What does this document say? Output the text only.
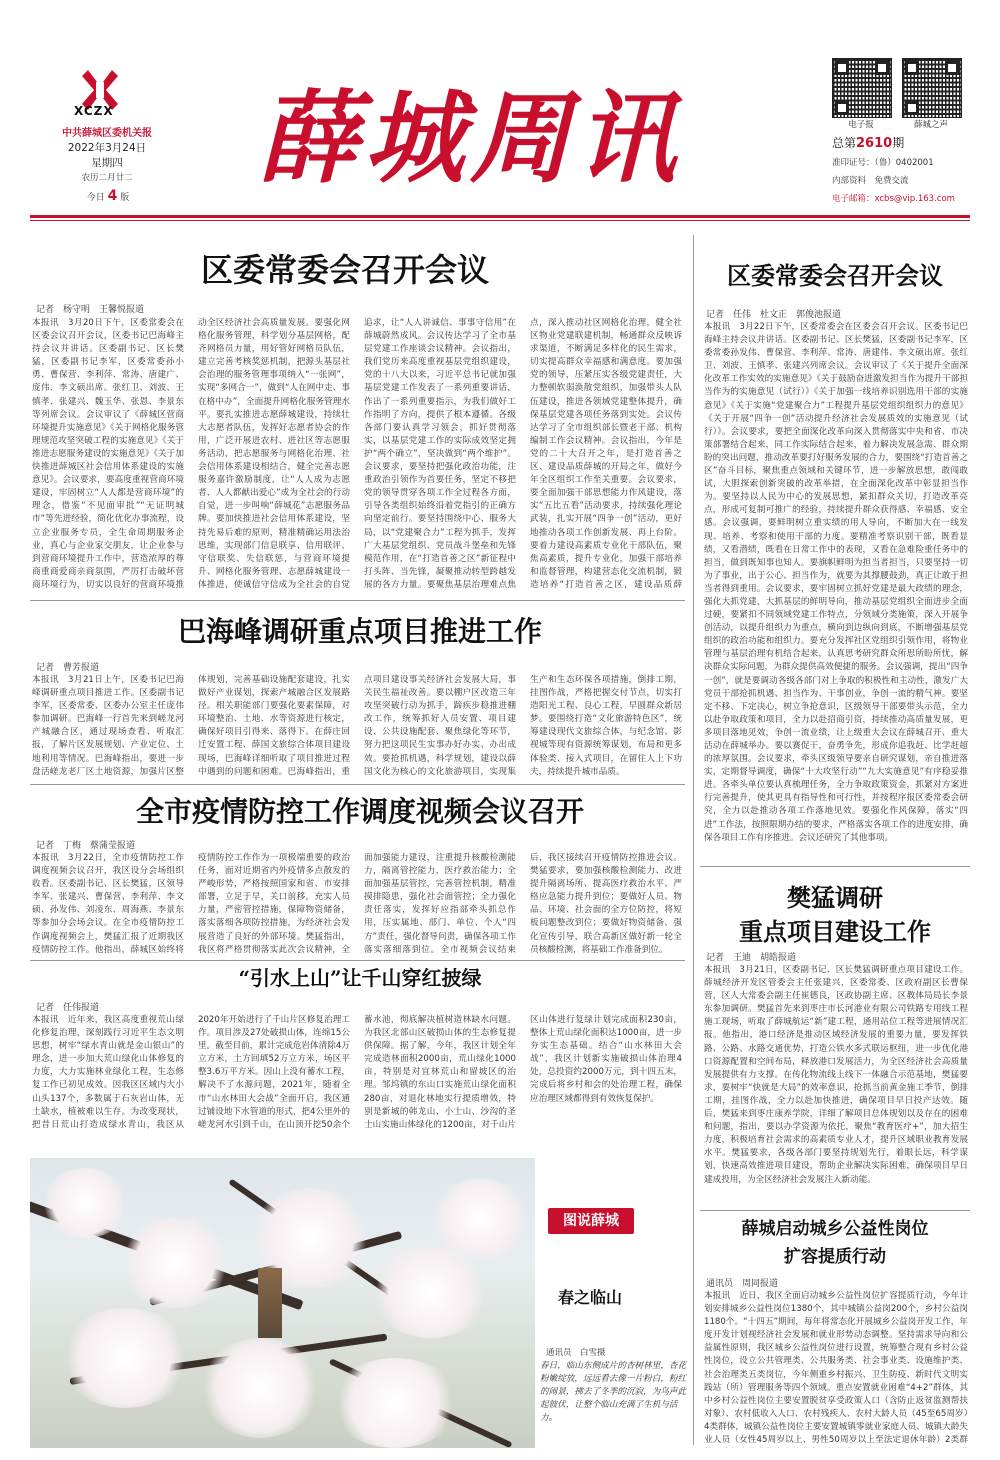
XCZX
中共薛城区委机关报
2022年3月24日
星期四
农历二月廿二
今日 4 版
薛城周讯	电子报	薛城之声
总第2610期
准印证号：（鲁）0402001
内部资料　免费交流
电子邮箱：xcbs@vip.163.com
区委常委会召开会议
记者　杨守明　王馨悦报道
本报讯　3月20日下午，区委常委会在区委会议召开会议，区委书记巴海峰主持会议并讲话。区委副书记、区长樊猛，区委副书记李军，区委常委孙小勇、曹保营、李利萍、常涛、唐建广、庞伟、李文硕出席。张红卫、刘波、王慎孝、张建兴、魏玉华、张恩、李景东等列席会议。会议审议了《薛城区营商环境提升实施意见》《关于网格化服务管理规范攻坚突破工程的实施意见》《关于推进志愿服务建设的实施意见》《关于加快推进薛城区社会信用体系建设的实施意见》。会议要求，要高度重视营商环境建设，牢固树立“人人都是营商环境”的理念，借鉴“不见面审批”“无证明城市”等先进经验，简化优化办事流程，设立企业服务专员，全生命周期服务企业，真心与企业家交朋友，让企业参与到营商环境提升工作中，营造浓厚的尊商重商爱商亲商氛围，严厉打击破坏营商环境行为，切实以良好的营商环境推动全区经济社会高质量发展。要强化网格化服务管理，科学划分基层网格，配齐网格员力量，用好管好网格员队伍，建立完善考核奖惩机制，把源头基层社会治理的服务管理事项纳入“一张网”，实现“多网合一”，做到“人在网中走、事在格中办”，全面提升网格化服务管理水平。要扎实推进志愿薛城建设，持续壮大志愿者队伍，发挥好志愿者协会的作用，广泛开展进农村、进社区等志愿服务活动，把志愿服务与网格化治理、社会信用体系建设相结合，健全完善志愿服务嘉许激励制度，让“人人成为志愿者、人人都献出爱心”成为全社会的行动自觉，进一步叫响“薛城花”志愿服务品牌。要加快推进社会信用体系建设，坚持先易后难的原则，精准精确运用法治思维，实现部门信息联享、信用联评、守信联奖、失信联惩，与营商环境提升、网格化服务管理、志愿薛城建设一体推进，使诚信守信成为全社会的自觉追求，让“人人讲诚信、事事守信用”在薛城蔚然成风。会议传达学习了全市基层党建工作座谈会议精神。会议指出，我们党历来高度重视基层党组织建设，党的十八大以来，习近平总书记就加强基层党建工作发表了一系列重要讲话，作出了一系列重要指示，为我们做好工作指明了方向，提供了根本遵循。各级各部门要认真学习领会，抓好贯彻落实，以基层党建工作的实际成效坚定拥护“两个确立”，坚决做到“两个维护”。会议要求，要坚持把强化政治功能，注重政治引领作为首要任务，坚定不移把党的领导贯穿各项工作全过程各方面，引导各类组织始终沿着党指引的正确方向坚定前行。要坚持围绕中心、服务大局，以“党建聚合力”工程为抓手，发挥广大基层党组织、党员战斗堡垒和先锋模范作用，在“打造首善之区”新征程中打头阵、当先锋，凝聚推动转型跨越发展的各方力量。要聚焦基层治理难点焦点，深入推动社区网格化治理，健全社区物业党建联建机制，畅通群众反映诉求渠道，不断满足多样化的民生需求，切实提高群众幸福感和满意度。要加强党的领导，压紧压实各级党建责任，大力整顿软弱涣散党组织，加强带头人队伍建设，推进各领域党建整体提升，确保基层党建各项任务落到实处。会议传达学习了全市组织部长暨老干部、机构编制工作会议精神。会议指出，今年是党的二十大召开之年，是打造首善之区、建设品质薛城的开局之年，做好今年全区组织工作至关重要。会议要求，要全面加强干部思想能力作风建设，落实“五比五看”活动要求，持续强化理论武装，扎实开展“四争一创”活动，更好地推动各项工作创新发展、再上台阶。要着力建设高素质专业化干部队伍，聚焦高素质，提升专业化，加强干部培养和监督管理，构建营态化交流机制，锻造培养“打造首善之区，建设品质薛
巴海峰调研重点项目推进工作
记者　曹芳报道
本报讯　3月21日上午，区委书记巴海峰调研重点项目推进工作。区委副书记李军，区委常委、区委办公室主任庞伟参加调研。巴海峰一行首先来到嵯龙河产城融合区，通过现场查看、听取汇报，了解片区发展规划、产业定位、土地利用等情况。巴海峰指出，要进一步盘活嵯龙老厂区土地资源，加强片区整体规划，完善基础设施配套建设，扎实做好产业谋划，探索产城融合区发展路径。相关职能部门要强化要素保障，对环境整治、土地、水等资源进行核定，确保好项目引得来、落得下。在薛庄回迁安置工程、薛国文旅综合体项目建设现场，巴海峰详细听取了项目推进过程中遇到的问题和困难。巴海峰指出，重点项目建设事关经济社会发展大局，事关民生福祉改善。要以棚户区改造三年攻坚突破行动为抓手，蹄疾步稳推进棚改工作，统筹抓好人员安置、项目建设、公共设施配套、聚焦绿化等环节，努力把这项民生实事办好办实、办出成效。要抢抓机遇，科学规划，建设以薛国文化为核心的文化旅游项目，实现集生产和生态环保各项措施，倒排工期，挂图作战，严格把握交付节点，切实打造阳光工程、良心工程，早圆群众新居梦。要围绕打造“文化旅游特色区”，统筹建设现代文旅综合体，与纪念馆、影视城等现有资源统筹谋划，布局和更多体验类、接入式项目，在留住人上下功夫，持续提升城市品质。
全市疫情防控工作调度视频会议召开
记者　丁梅　蔡蒲莹报道
本报讯　3月22日，全市疫情防控工作调度视频会议召开，我区设分会场组织收看。区委副书记、区长樊猛，区领导李军、张建兴、曹保营、李利萍、李文硕、孙发伟、刘凌东、周海燕、李景东等参加分会场会议。在全市疫情防控工作调度视频会上，樊猛汇报了近期我区疫情防控工作。他指出，薛城区始终将疫情防控工作作为一项极端重要的政治任务，面对近期省内外疫情多点散发的严峻形势，严格按照国家和省、市安排部署，立足于早，关口前移，充实人员力量，严密管控措施，保障物资储备，落实落细各项防控措施，为经济社会发展营造了良好的外部环境。樊猛指出，我区将严格贯彻落实此次会议精神，全面加强能力建设，注重提升核酸检测能力，隔离管控能力，医疗救治能力；全面加强基层管控，完善管控机制，精准摸排隐患，强化社会面管控；全力强化责任落实，发挥好应指部牵头抓总作用，压实属地、部门、单位、个人“四方”责任，强化督导问责，确保各项工作落实落细落到位。全市视频会议结束后，我区接续召开疫情防控推进会议。樊猛要求，要加强核酸检测能力、改进提升隔离场所、提高医疗救治水平、严格应急能力提升到位；要做好人员、物品、环境、社会面的全方位防控，将短板问题整改到位；要做好物资储备、强化宣传引导，联合高新区做好新一轮全员核酸检测，将基础工作准备到位。
“引水上山”让千山穿红披绿
记者　任伟报道
本报讯　近年来，我区高度重视荒山绿化修复治理，深刻践行习近平生态文明思想，树牢“绿水青山就是金山银山”的理念，进一步加大荒山绿化山体修复的力度，大力实施林业绿化工程，生态修复工作已初见成效。因我区区域内大小山头137个，多数属于石灰岩山体，无土缺水，植被难以生存。为改变现状，把昔日荒山打造成绿水青山，我区从2020年开始进行了千山片区修复治理工作。项目涉及27处破损山体，连绵15公里。截至目前，累计完成危岩体清除4万立方米，土方回填52万立方米，场区平整3.6万平方米。因山上没有蓄水工程，解决不了水源问题，2021年，随着全市“山水林田大会战”全面开启，我区通过铺设地下水管道的形式，把4公里外的嵯龙河水引到千山，在山顶开挖50余个蓄水池，彻底解决植树造林缺水问题。为我区北部山区破损山体的生态修复提供保障。据了解，今年，我区计划全年完成造林面积2000亩，荒山绿化1000亩，特别是对宜林荒山和留坡区的治理。邹坞镇的东山口实施荒山绿化面积280亩，对退化林地实行提质增效，特别是新城的韩龙山、小士山、沙沟的圣士山实施山体绿化的1200亩，对千山片区山体进行复绿计划完成面积230亩，整体上荒山绿化面积达1000亩，进一步夯实生态基础。结合“山水林田大会战”，我区计划新实施破损山体治理4处，总投资约2000万元，到十四五末，完成后将乡村和会的处治理工程，确保应治理区域都得到有效恢复保护。
图说薛城
春之临山
通讯员　白雪摄
春日，临山东侧成片的杏树林里，杏花粉嫩绽放，远远看去像一片粉白，粉红的闹景，拂去了冬季的沉寂，为鸟声此起彼伏，让整个临山充满了生机与活力。
区委常委会召开会议
记者　任伟　杜文正　郭俊池报道
本报讯　3月22日下午，区委常委会在区委会召开会议。区委书记巴海峰主持会议并讲话。区委副书记、区长樊猛，区委副书记李军，区委常委孙发伟、曹保营、李利萍、常涛、唐建伟、李文硕出席。张红卫、刘波、王慎孝、张建兴列席会议。会议审议了《关于提升全面深化改革工作实效的实施意见》《关于鼓励奋进激发担当作为提升干部担当作为的实施意见（试行）》《关于加强一线培养识别选用干部的实施意见》《关于实施“党建聚合力”工程提升基层党组织组织力的意见》《关于开展“四争一创”活动提升经济社会发展质效的实施意见（试行）》。会议要求，要把全面深化改革向深入贯彻落实中央和省、市决策部署结合起来，同工作实际结合起来，着力解决发展急需、群众期盼的突出问题，推动改革要打好服务发展的合力，要围绕“打造首善之区”奋斗目标，聚焦重点领域和关键环节，进一步解放思想，敢闯敢试，大胆探索创新突破的改革举措，在全面深化改革中彰显担当作为。要坚持以人民为中心的发展思想，紧扣群众关切，打造改革亮点，形成可复制可推广的经验，持续提升群众获得感、幸福感、安全感。会议强调，要鲜明树立重实绩的用人导向，不断加大在一线发现、培养、考察和使用干部的力度。要精准考察识别干部，既看显绩，又看潜绩，既看在日常工作中的表现，又看在急难险重任务中的担当，做到既知事也知人。要旗帜鲜明为担当者担当，只要坚持一切为了事业，出于公心、担当作为，就要为其撑腰鼓劲，真正让敢于担当者得到重用。会议要求，要牢固树立抓好党建是最大政绩的理念，强化大抓党建，大抓基层的鲜明导向，推动基层党组织全面进步全面过硬，要紧扣不同领域党建工作特点，分领域分类施策，深入开展争创活动，以提升组织力为重点，横向到边纵向到底，不断增强基层党组织的政治功能和组织力。要充分发挥社区党组织引领作用，将物业管理与基层治理有机结合起来，认真思考研究群众所思所盼所忧，解决群众实际问题，为群众提供高效便捷的服务。会议强调，提出“四争一创”，就是要调动各级各部门对上争取的积极性和主动性，激发广大党员干部抢抓机遇、担当作为、干事创业，争创一流的精气神。要坚定不移、下定决心，树立争抢意识，区级领导干部要带头示范，全力以赴争取政策和项目，全力以赴招商引资，持续推动高质量发展，更多项目落地见效，争创一流业绩，让上级重大会议在薛城召开、重大活动在薛城举办。要以赛促干，奋勇争先，形成你追我赶、比学赶超的浓厚氛围。会议要求，牵头区级领导要亲自研究谋划，亲自推进落实，定期督导调度，确保“十大攻坚行动”“九大实施意见”有序稳妥推进。各牵头单位要认真梳理任务，全力争取政策资金，抓紧对方案进行完善提升，使其更具有指导性和可行性，并按程序报区委常委会研究，全力以赴推动各项工作落地见效。要强化作风保障，落实“四进”工作法，按照限期办结的要求，严格落实各项工作的进度安排，确保各项目工作有序推进。会议还研究了其他事项。
樊猛调研
重点项目建设工作
记者　王迪　胡皓报道
本报讯　3月21日，区委副书记、区长樊猛调研重点项目建设工作。薛城经济开发区管委会主任张建兴，区委常委、区政府副区长曹保营，区人大常委会副主任崔德良，区政协副主席、区教体局局长李景东参加调研。樊猛首先来到枣庄市长河港业有限公司铁路专用线工程施工现场，听取了薛城航运“新”建工程，通用站位工程等进展情况汇报。他指出，港口经济是推动区域经济发展的重要力量，要发挥铁路、公路、水路交通优势，打造公铁水多式联运枢纽，进一步优化港口资源配置和空间布局，释放港口发展活力，为全区经济社会高质量发展提供有力支撑。在传化物流线上线下一体融合示范基地，樊猛要求，要树牢“快就是大局”的效率意识，抢抓当前黄金施工季节，倒排工期，挂图作战，全力以赴加快推进，确保项目早日投产达效。随后，樊猛来到枣庄康养学院，详细了解项目总体规划以及存在的困难和问题，指出，要以办学资源为依托，聚焦“教育医疗+”，加大招生力度，积极培育社会需求的高素质专业人才，提升区域职业教育发展水平。樊猛要求，各级各部门要坚持规划先行，着眼长远，科学谋划，快速高效推进项目建设，帮助企业解决实际困难，确保项目早日建成投用，为全区经济社会发展注入新动能。
薛城启动城乡公益性岗位
扩容提质行动
通讯员　周同报道
本报讯　近日，我区全面启动城乡公益性岗位扩容提质行动，今年计划安排城乡公益性岗位1380个，其中城镇公益岗200个，乡村公益岗1180个。“十四五”期间，每年将常态化开展城乡公益岗开发工作，年度开发计划视经济社会发展和就业形势动态调整。坚持需求导向和公益属性原则，我区城乡公益性岗位进行设置，统筹整合现有乡村公益性岗位，设立公共管理类、公共服务类、社会事业类、设施维护类、社会治理类五类岗位，今年侧重乡村振兴、卫生防疫、新时代文明实践站（所）管理服务等四个领域。重点安置就业困难“4+2”群体，其中乡村公益性岗位主要安置脱贫享受政策人口（含防止返贫监测帮扶对象）、农村低收入人口、农村残疾人、农村大龄人员（45至65周岁）4类群体，城镇公益性岗位主要安置城镇零就业家庭人员、城镇大龄失业人员（女性45周岁以上、男性50周岁以上至法定退休年龄）2类群
